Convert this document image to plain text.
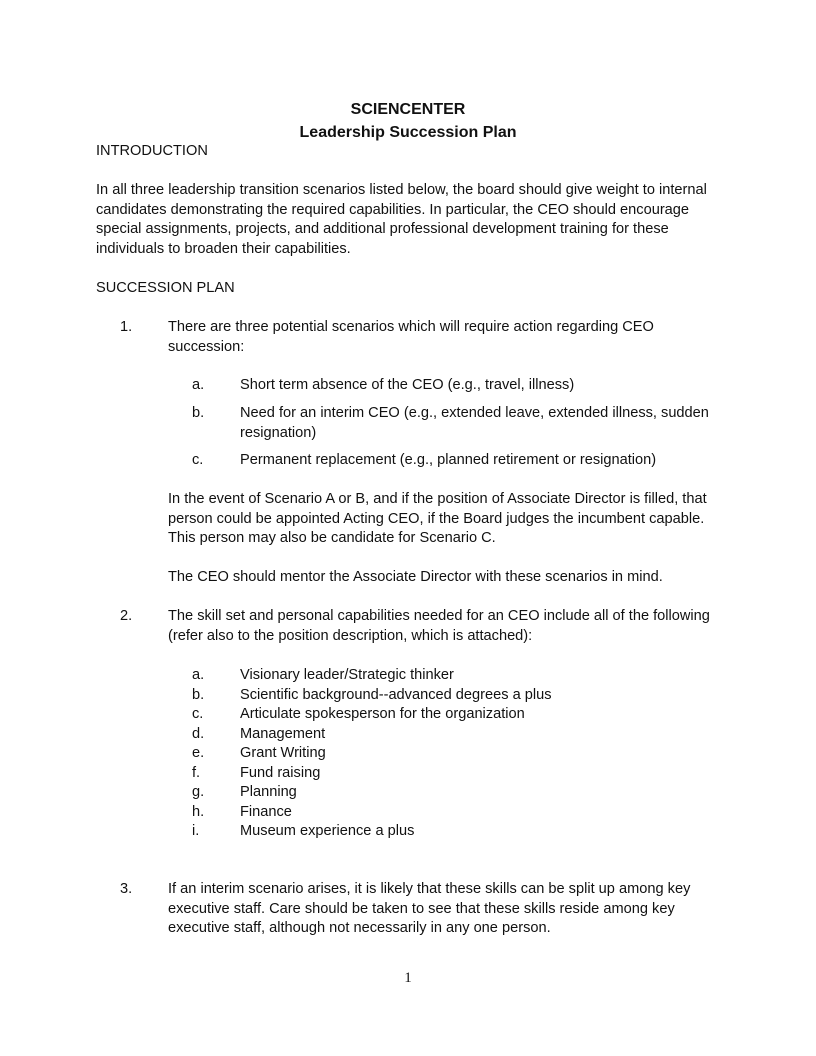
SCIENCENTER
Leadership Succession Plan
INTRODUCTION
In all three leadership transition scenarios listed below, the board should give weight to internal
candidates demonstrating the required capabilities. In particular, the CEO should encourage
special assignments, projects, and additional professional development training for these
individuals to broaden their capabilities.
SUCCESSION PLAN
1. There are three potential scenarios which will require action regarding CEO
succession:
a. Short term absence of the CEO (e.g., travel, illness)
b. Need for an interim CEO (e.g., extended leave, extended illness, sudden
resignation)
c.	Permanent replacement (e.g., planned retirement or resignation)
In the event of Scenario A or B, and if the position of Associate Director is filled, that
person could be appointed Acting CEO, if the Board judges the incumbent capable.
This person may also be candidate for Scenario C.
The CEO should mentor the Associate Director with these scenarios in mind.
2. The skill set and personal capabilities needed for an CEO include all of the following
(refer also to the position description, which is attached):
a. Visionary leader/Strategic thinker
b. Scientific background--advanced degrees a plus
c.	Articulate spokesperson for the organization
d. Management
e. Grant Writing
f.	Fund raising
g. Planning
h. Finance
i.	Museum experience a plus
3. If an interim scenario arises, it is likely that these skills can be split up among key
executive staff. Care should be taken to see that these skills reside among key
executive staff, although not necessarily in any one person.
1
